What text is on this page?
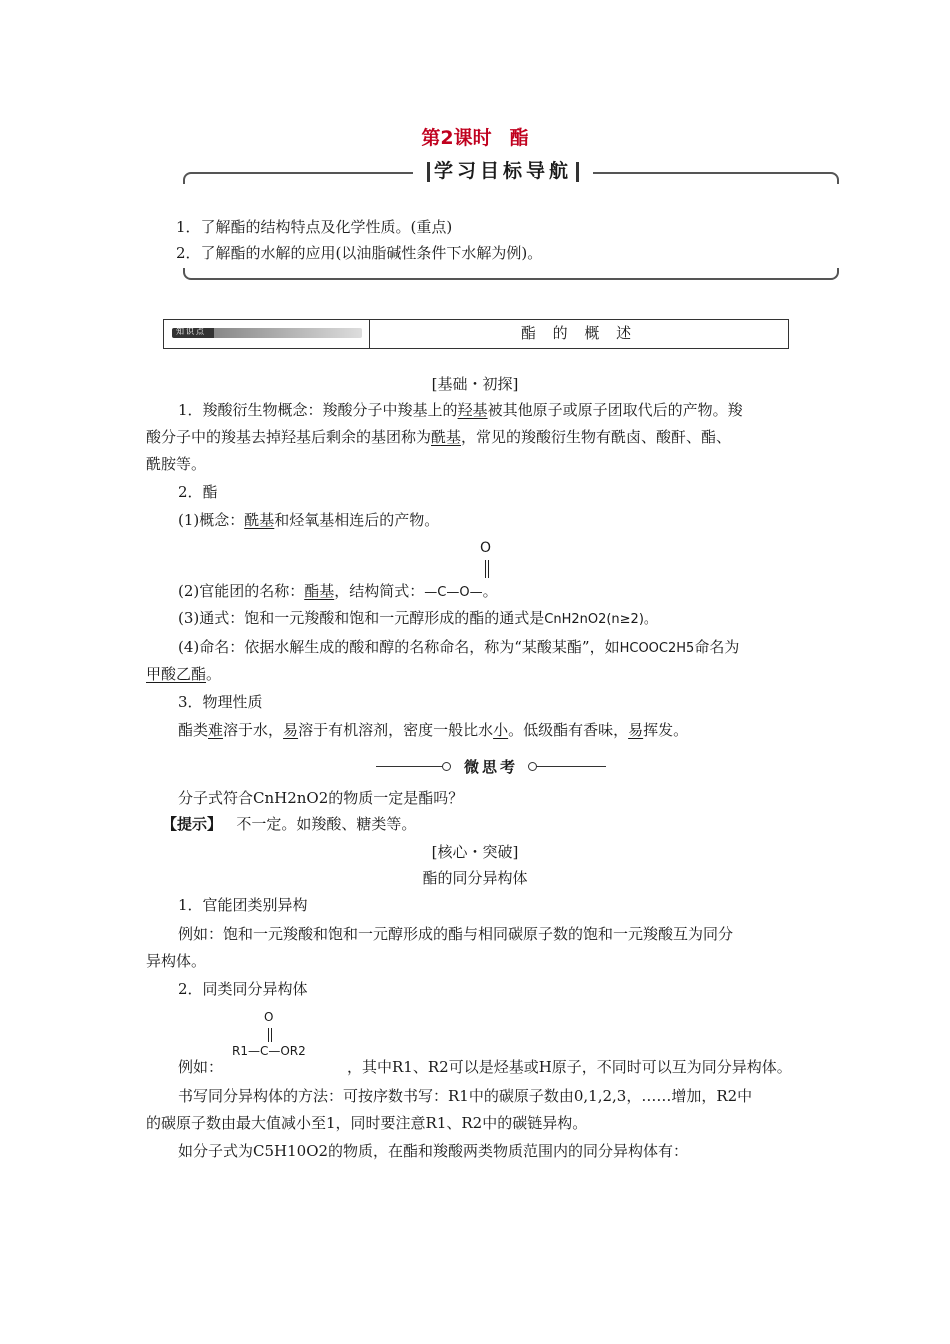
第2课时 酯
学习目标导航
1．了解酯的结构特点及化学性质。(重点)
2．了解酯的水解的应用(以油脂碱性条件下水解为例)。
知识点	酯 的 概 述
[基础・初探]
1．羧酸衍生物概念：羧酸分子中羧基上的羟基被其他原子或原子团取代后的产物。羧
酸分子中的羧基去掉羟基后剩余的基团称为酰基，常见的羧酸衍生物有酰卤、酸酐、酯、
酰胺等。
2．酯
(1)概念：酰基和烃氧基相连后的产物。
O
(2)官能团的名称：酯基，结构简式：—C—O—。
(3)通式：饱和一元羧酸和饱和一元醇形成的酯的通式是CnH2nO2(n≥2)。
(4)命名：依据水解生成的酸和醇的名称命名，称为“某酸某酯”，如HCOOC2H5命名为
甲酸乙酯。
3．物理性质
酯类难溶于水，易溶于有机溶剂，密度一般比水小。低级酯有香味，易挥发。
微思考
分子式符合CnH2nO2的物质一定是酯吗？
【提示】 不一定。如羧酸、糖类等。
[核心・突破]
酯的同分异构体
1．官能团类别异构
例如：饱和一元羧酸和饱和一元醇形成的酯与相同碳原子数的饱和一元羧酸互为同分
异构体。
2．同类同分异构体
O
R1—C—OR2
例如：	，其中R1、R2可以是烃基或H原子，不同时可以互为同分异构体。
书写同分异构体的方法：可按序数书写：R1中的碳原子数由0,1,2,3，……增加，R2中
的碳原子数由最大值减小至1，同时要注意R1、R2中的碳链异构。
如分子式为C5H10O2的物质，在酯和羧酸两类物质范围内的同分异构体有：
